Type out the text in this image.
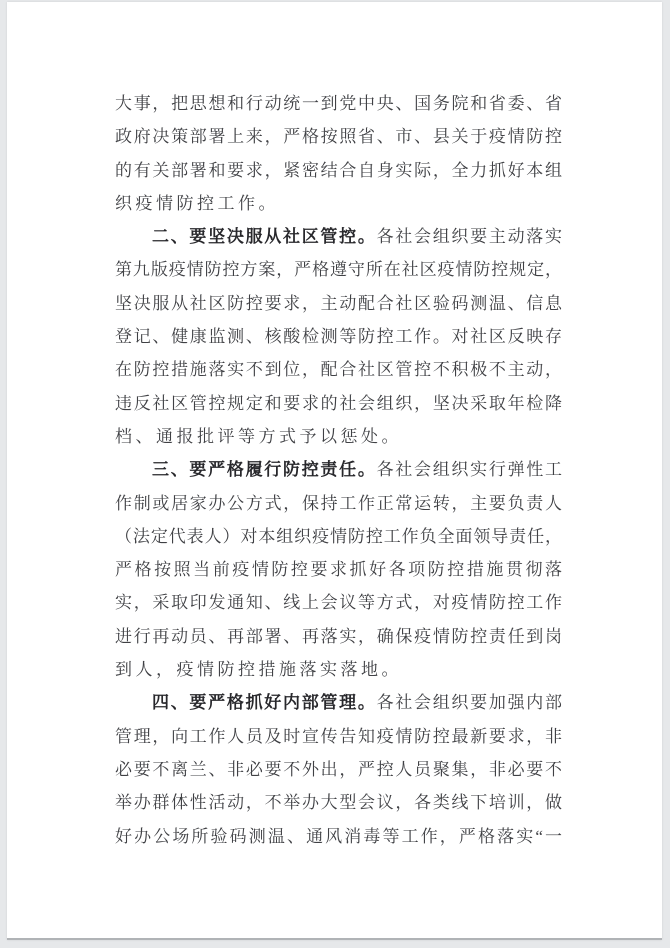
大事，把思想和行动统一到党中央、国务院和省委、省
政府决策部署上来，严格按照省、市、县关于疫情防控
的有关部署和要求，紧密结合自身实际，全力抓好本组
织疫情防控工作。
二、要坚决服从社区管控。各社会组织要主动落实
第九版疫情防控方案，严格遵守所在社区疫情防控规定，
坚决服从社区防控要求，主动配合社区验码测温、信息
登记、健康监测、核酸检测等防控工作。对社区反映存
在防控措施落实不到位，配合社区管控不积极不主动，
违反社区管控规定和要求的社会组织，坚决采取年检降
档、通报批评等方式予以惩处。
三、要严格履行防控责任。各社会组织实行弹性工
作制或居家办公方式，保持工作正常运转，主要负责人
（法定代表人）对本组织疫情防控工作负全面领导责任，
严格按照当前疫情防控要求抓好各项防控措施贯彻落
实，采取印发通知、线上会议等方式，对疫情防控工作
进行再动员、再部署、再落实，确保疫情防控责任到岗
到人，疫情防控措施落实落地。
四、要严格抓好内部管理。各社会组织要加强内部
管理，向工作人员及时宣传告知疫情防控最新要求，非
必要不离兰、非必要不外出，严控人员聚集，非必要不
举办群体性活动，不举办大型会议，各类线下培训，做
好办公场所验码测温、通风消毒等工作，严格落实“一
